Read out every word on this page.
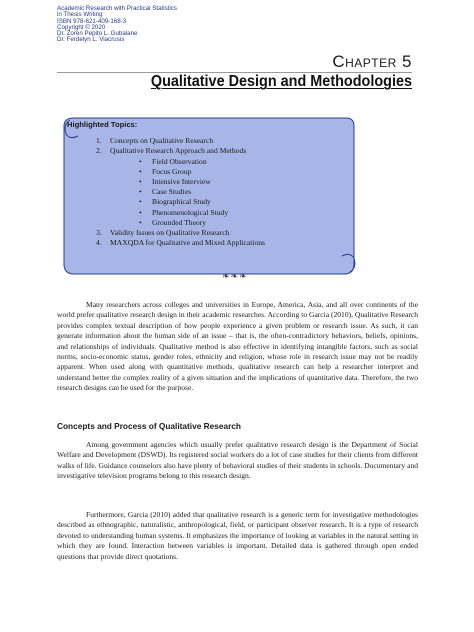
Academic Research with Practical Statistics
in Thesis Writing
ISBN 978-621-409-168-3
Copyright © 2020
Dr. Zoren Pepito L. Gubalane
Dr. Ferdelyn L. Viacrusis
Chapter 5
Qualitative Design and Methodologies
Highlighted Topics:
1. Concepts on Qualitative Research
2. Qualitative Research Approach and Methods
• Field Observation
• Focus Group
• Intensive Interview
• Case Studies
• Biographical Study
• Phenomenological Study
• Grounded Theory
3. Validity Issues on Qualitative Research
4. MAXQDA for Qualitative and Mixed Applications
❧❧❧

Many researchers across colleges and universities in Europe, America, Asia, and all over continents of the world prefer qualitative research design in their academic researches. According to Garcia (2010), Qualitative Research provides complex textual description of how people experience a given problem or research issue. As such, it can generate information about the human side of an issue – that is, the often-contradictory behaviors, beliefs, opinions, and relationships of individuals. Qualitative method is also effective in identifying intangible factors, such as social norms, socio-economic status, gender roles, ethnicity and religion, whose role in research issue may not be readily apparent. When used along with quantitative methods, qualitative research can help a researcher interpret and understand better the complex reality of a given situation and the implications of quantitative data. Therefore, the two research designs can be used for the purpose.

Concepts and Process of Qualitative Research

Among government agencies which usually prefer qualitative research design is the Department of Social Welfare and Development (DSWD). Its registered social workers do a lot of case studies for their clients from different walks of life. Guidance counselors also have plenty of behavioral studies of their students in schools. Documentary and investigative television programs belong to this research design.

Furthermore, Garcia (2010) added that qualitative research is a generic term for investigative methodologies described as ethnographic, naturalistic, anthropological, field, or participant observer research. It is a type of research devoted to understanding human systems. It emphasizes the importance of looking at variables in the natural setting in which they are found. Interaction between variables is important. Detailed data is gathered through open ended questions that provide direct quotations.
